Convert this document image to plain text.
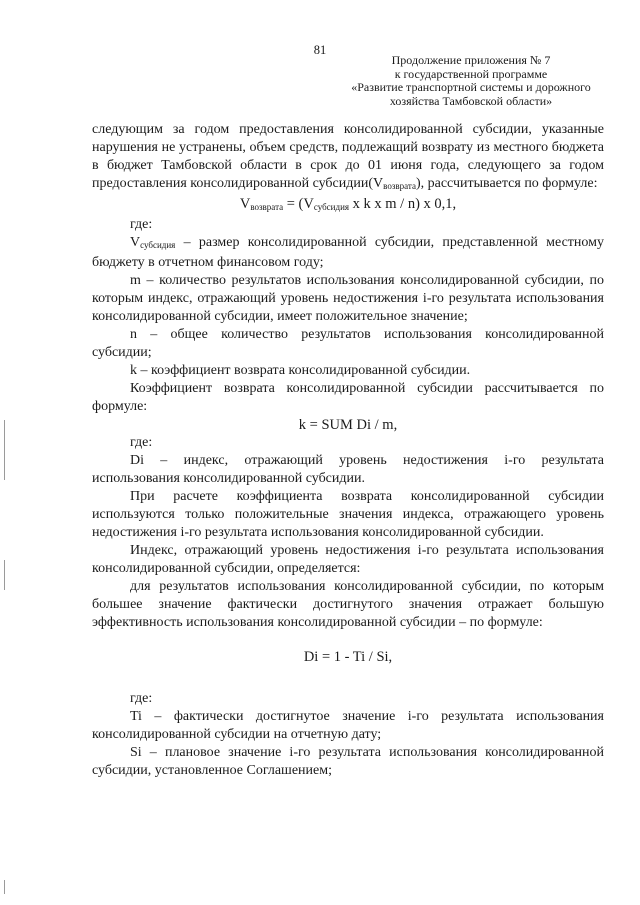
81
Продолжение приложения № 7
к государственной программе
«Развитие транспортной системы и дорожного
хозяйства Тамбовской области»

следующим за годом предоставления консолидированной субсидии, указанные нарушения не устранены, объем средств, подлежащий возврату из местного бюджета в бюджет Тамбовской области в срок до 01 июня года, следующего за годом предоставления консолидированной $субсидии(V_{возврата})$, рассчитывается по формуле:

$V_{возврата} = (V_{субсидия}$ x k x m / n) x 0,1,

где:

$V_{субсидия}$ – размер консолидированной субсидии, представленной местному бюджету в отчетном финансовом году;

m – количество результатов использования консолидированной субсидии, по которым индекс, отражающий уровень недостижения i-го результата использования консолидированной субсидии, имеет положительное значение;

n – общее количество результатов использования консолидированной субсидии;

k – коэффициент возврата консолидированной субсидии.

Коэффициент возврата консолидированной субсидии рассчитывается по формуле:

k = SUM Di / m,

где:

Di – индекс, отражающий уровень недостижения i-го результата использования консолидированной субсидии.

При расчете коэффициента возврата консолидированной субсидии используются только положительные значения индекса, отражающего уровень недостижения i-го результата использования консолидированной субсидии.

Индекс, отражающий уровень недостижения i-го результата использования консолидированной субсидии, определяется:

для результатов использования консолидированной субсидии, по которым большее значение фактически достигнутого значения отражает большую эффективность использования консолидированной субсидии – по формуле:

Di = 1 - Ti / Si,

где:

Ti – фактически достигнутое значение i-го результата использования консолидированной субсидии на отчетную дату;

Si – плановое значение i-го результата использования консолидированной субсидии, установленное Соглашением;
